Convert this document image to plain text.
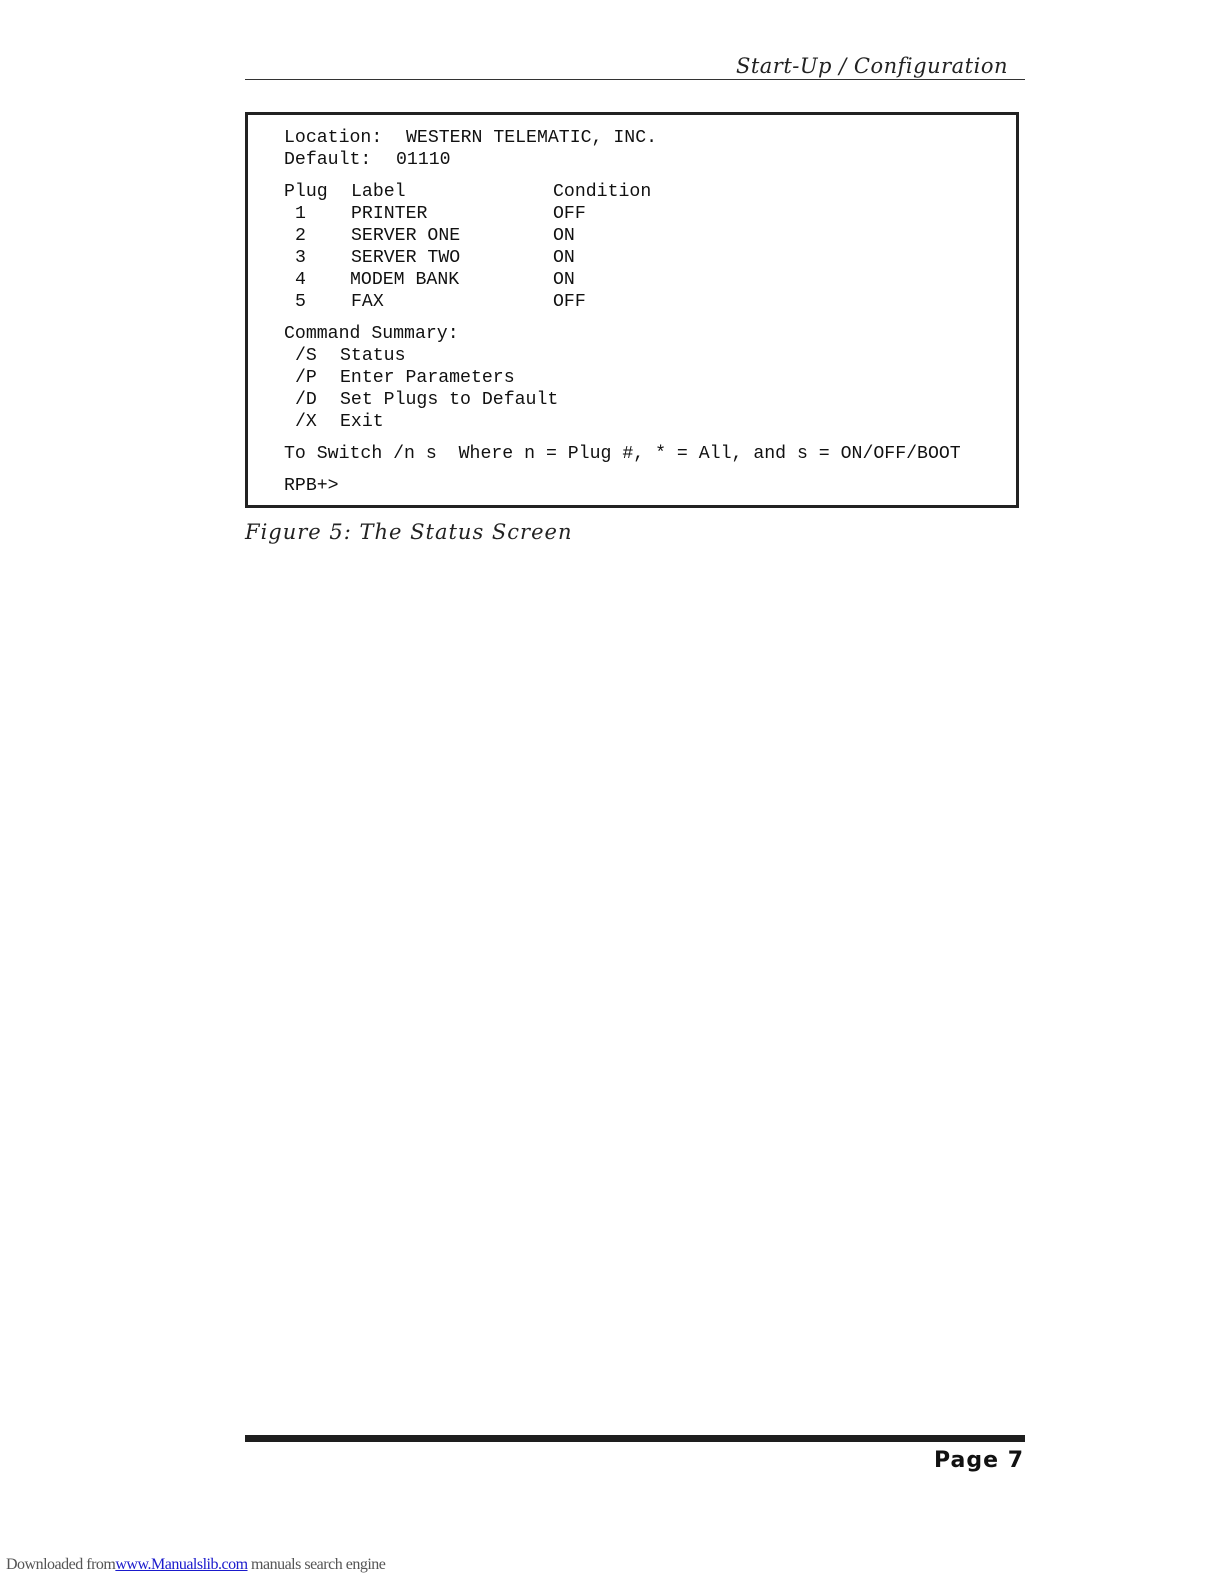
Start-Up / Configuration
Location: WESTERN TELEMATIC, INC.
Default: 01110
Plug Label	Condition
1 PRINTER	OFF
2 SERVER ONE	ON
3 SERVER TWO	ON
4 MODEM BANK	ON
5 FAX	OFF
Command Summary:
/S Status
/P Enter Parameters
/D Set Plugs to Default
/X Exit
To Switch /n s  Where n = Plug #, * = All, and s = ON/OFF/BOOT
RPB+>
Figure 5: The Status Screen
Page 7
Downloaded fromwww.Manualslib.com manuals search engine
